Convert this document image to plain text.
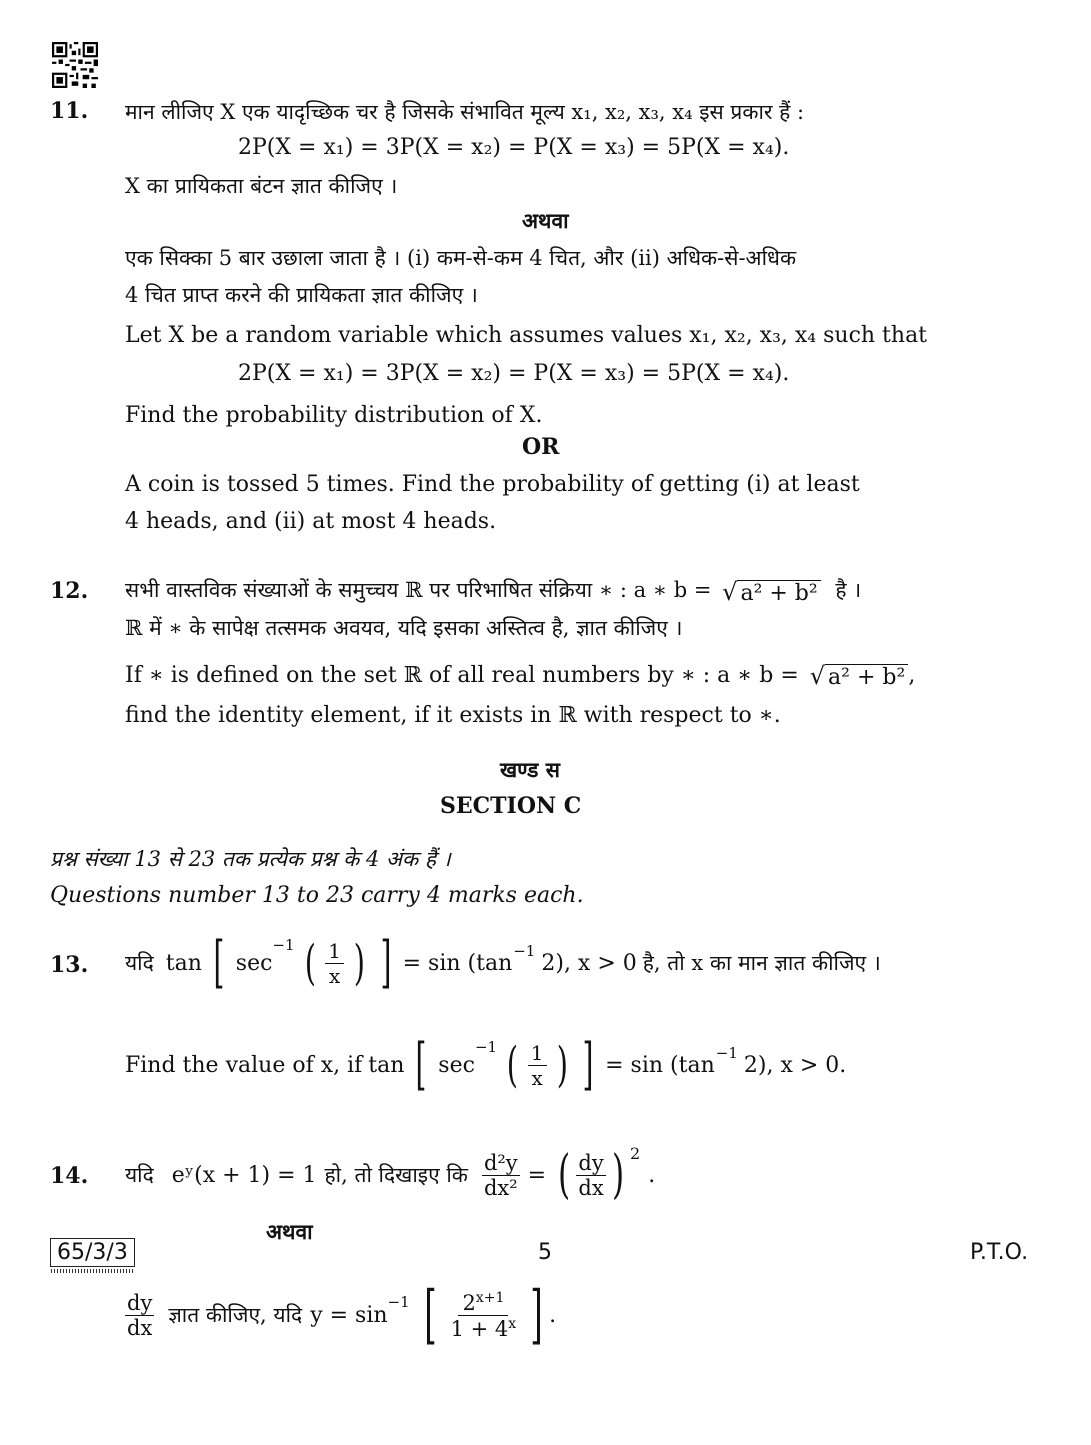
11. मान लीजिए X एक यादृच्छिक चर है जिसके संभावित मूल्य x₁, x₂, x₃, x₄ इस प्रकार हैं :
2P(X = x₁) = 3P(X = x₂) = P(X = x₃) = 5P(X = x₄).
X का प्रायिकता बंटन ज्ञात कीजिए ।
अथवा
एक सिक्का 5 बार उछाला जाता है । (i) कम-से-कम 4 चित, और (ii) अधिक-से-अधिक
4 चित प्राप्त करने की प्रायिकता ज्ञात कीजिए ।
Let X be a random variable which assumes values x₁, x₂, x₃, x₄ such that
2P(X = x₁) = 3P(X = x₂) = P(X = x₃) = 5P(X = x₄).
Find the probability distribution of X.
OR
A coin is tossed 5 times. Find the probability of getting (i) at least
4 heads, and (ii) at most 4 heads.
12. सभी वास्तविक संख्याओं के समुच्चय ℝ पर परिभाषित संक्रिया ∗ : a ∗ b = √ a² + b² है ।
ℝ में ∗ के सापेक्ष तत्समक अवयव, यदि इसका अस्तित्व है, ज्ञात कीजिए ।
If ∗ is defined on the set ℝ of all real numbers by ∗ : a ∗ b = √ a² + b² ,
find the identity element, if it exists in ℝ with respect to ∗.
खण्ड स
SECTION C
प्रश्न संख्या 13 से 23 तक प्रत्येक प्रश्न के 4 अंक हैं ।
Questions number 13 to 23 carry 4 marks each.
13. यदि tan [ sec
$^{-1}$ ( $\frac{1}{x}$ ) ] = $\sin (\tan^{-1}$ 2), x > 0 है, तो x का मान ज्ञात कीजिए ।
Find the value of x, if tan [ sec
$^{-1}$ ( $\frac{1}{x}$ ) ] = $\sin (\tan^{-1}$ 2), x > 0 .
14. यदि eʸ(x + 1) = 1 हो, तो दिखाइए कि $\frac{\text{d²y}}{\text{dx²}}$ = ( $\frac{dy}{dx}$ ) $^2$
.
अथवा
$\frac{dy}{dx}$ ज्ञात कीजिए, यदि y = sin
$^{-1}$ [ $\frac{2^{x+1}}{1 + 4^x}$ ] .
65/3/3	5	P.T.O.
